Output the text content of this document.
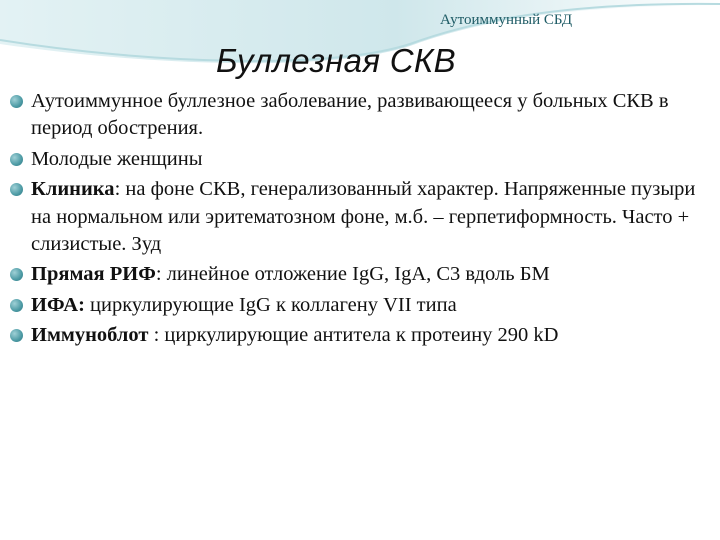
Аутоиммунный СБД
Буллезная СКВ
Аутоиммунное буллезное заболевание, развивающееся у больных СКВ в период обострения.
Молодые женщины
Клиника: на фоне СКВ, генерализованный характер. Напряженные пузыри на нормальном или эритематозном фоне, м.б. – герпетиформность. Часто + слизистые. Зуд
Прямая РИФ: линейное отложение IgG, IgA, C3 вдоль БМ
ИФА: циркулирующие IgG к коллагену VII типа
Иммуноблот : циркулирующие антитела к протеину 290 kD
